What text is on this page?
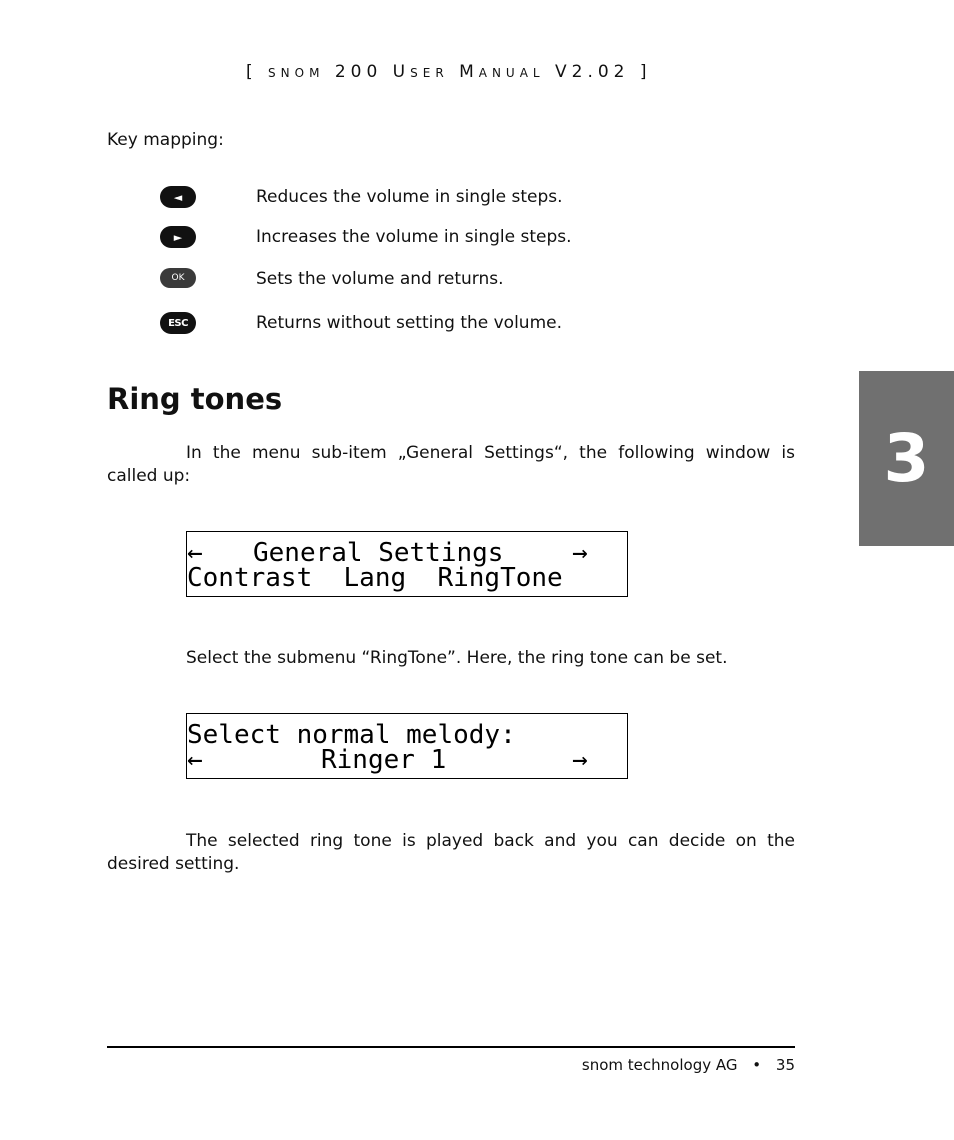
[ snom 200 User Manual V2.02 ]
Key mapping:
◄	Reduces the volume in single steps.
►	Increases the volume in single steps.
OK	Sets the volume and returns.
ESC	Returns without setting the volume.
Ring tones

In the menu sub-item „General Settings“, the following window is called up:

←

General Settings

	→

Contrast  Lang  RingTone

Select the submenu “RingTone”. Here, the ring tone can be set.

Select normal melody:

←

	Ringer 1

	→

The selected ring tone is played back and you can decide on the desired setting.

3
snom technology AG • 35
